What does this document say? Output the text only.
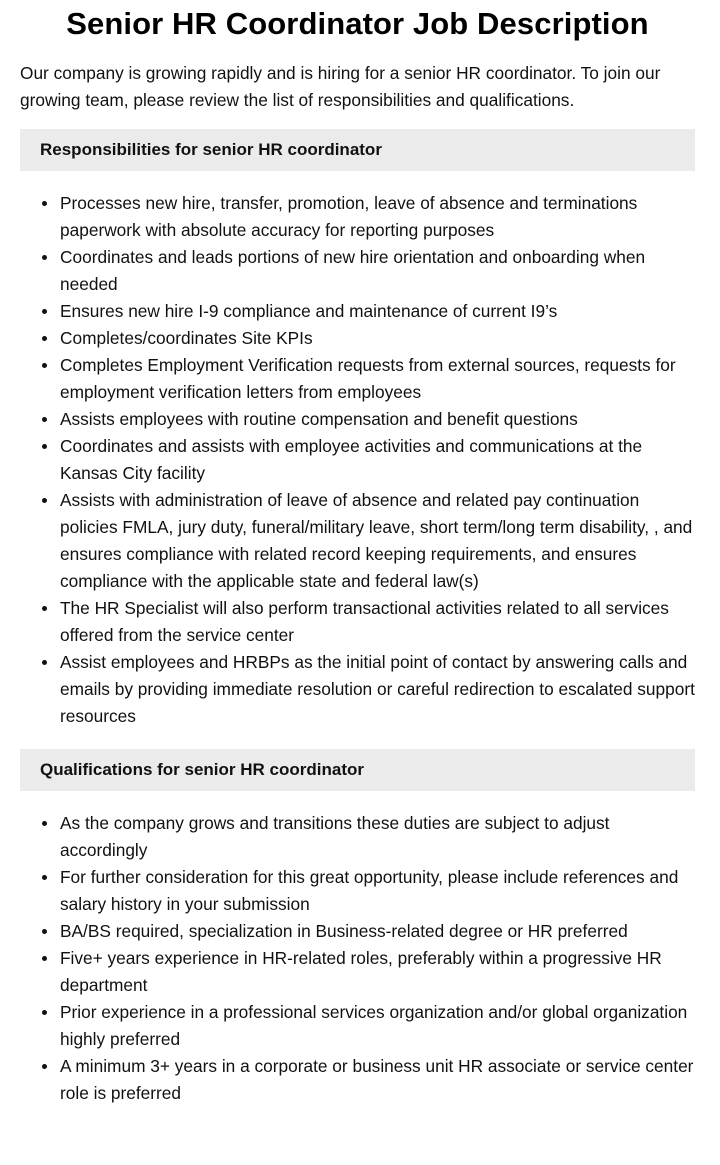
Senior HR Coordinator Job Description

Our company is growing rapidly and is hiring for a senior HR coordinator. To join our growing team, please review the list of responsibilities and qualifications.

Responsibilities for senior HR coordinator
Processes new hire, transfer, promotion, leave of absence and terminations paperwork with absolute accuracy for reporting purposes
Coordinates and leads portions of new hire orientation and onboarding when needed
Ensures new hire I-9 compliance and maintenance of current I9’s
Completes/coordinates Site KPIs
Completes Employment Verification requests from external sources, requests for employment verification letters from employees
Assists employees with routine compensation and benefit questions
Coordinates and assists with employee activities and communications at the Kansas City facility
Assists with administration of leave of absence and related pay continuation policies FMLA, jury duty, funeral/military leave, short term/long term disability, , and ensures compliance with related record keeping requirements, and ensures compliance with the applicable state and federal law(s)
The HR Specialist will also perform transactional activities related to all services offered from the service center
Assist employees and HRBPs as the initial point of contact by answering calls and emails by providing immediate resolution or careful redirection to escalated support resources
Qualifications for senior HR coordinator
As the company grows and transitions these duties are subject to adjust accordingly
For further consideration for this great opportunity, please include references and salary history in your submission
BA/BS required, specialization in Business-related degree or HR preferred
Five+ years experience in HR-related roles, preferably within a progressive HR department
Prior experience in a professional services organization and/or global organization highly preferred
A minimum 3+ years in a corporate or business unit HR associate or service center role is preferred
